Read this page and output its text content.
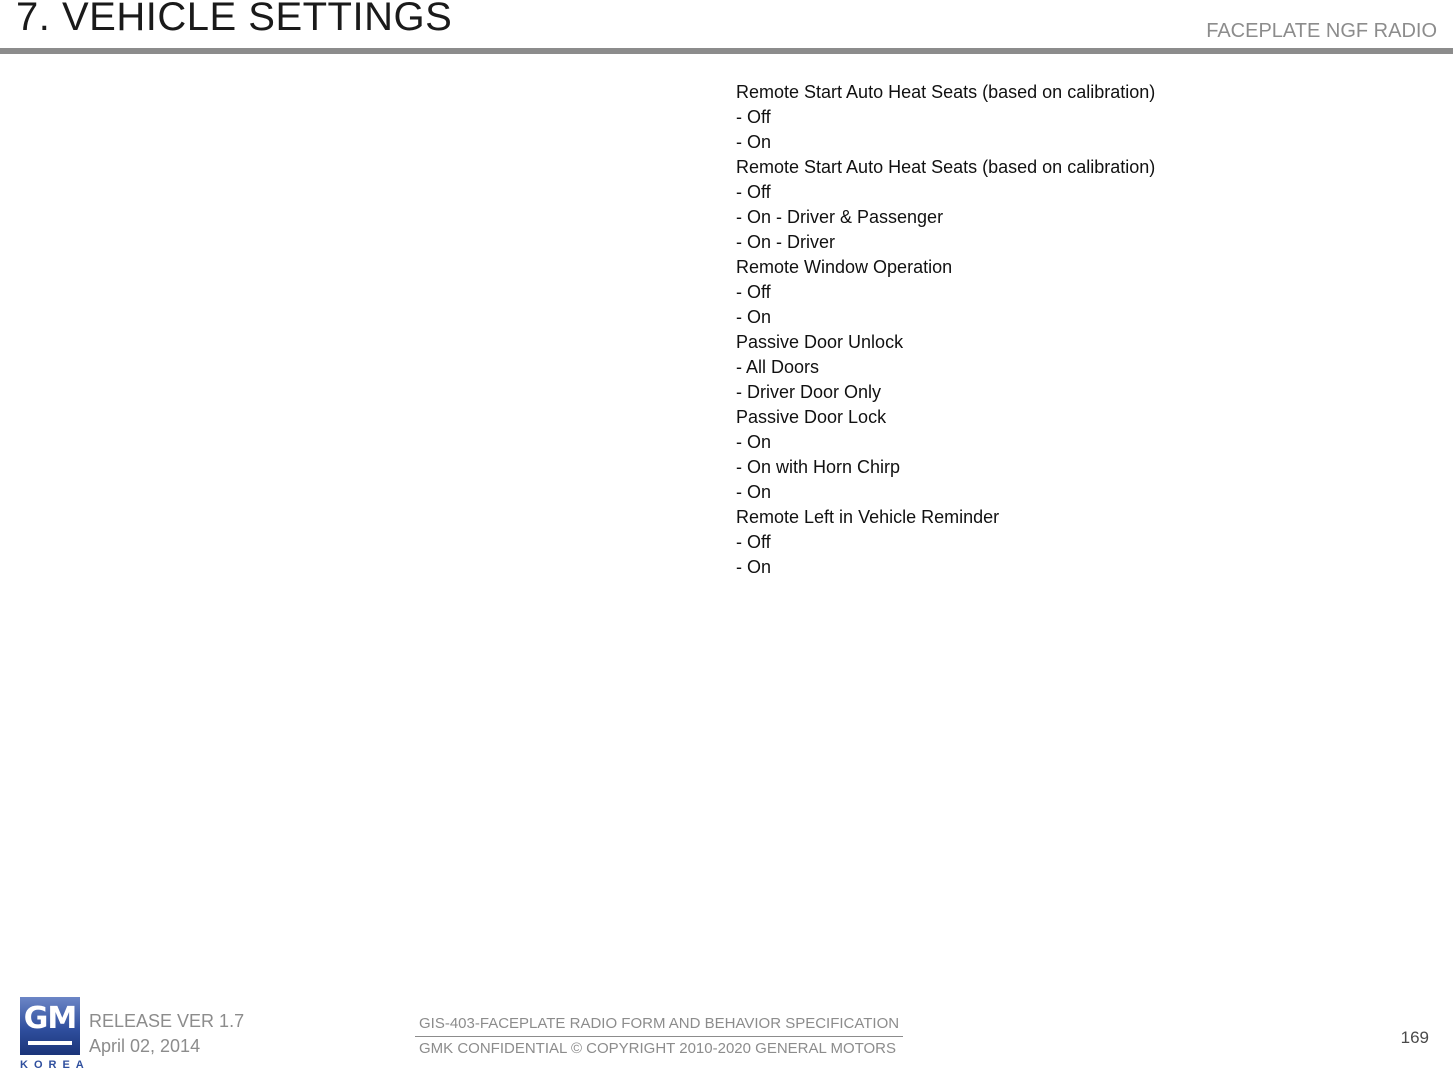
7. VEHICLE SETTINGS	FACEPLATE NGF RADIO
Remote Start Auto Heat Seats (based on calibration)
- Off
- On
Remote Start Auto Heat Seats (based on calibration)
- Off
- On - Driver & Passenger
- On - Driver
Remote Window Operation
- Off
- On
Passive Door Unlock
- All Doors
- Driver Door Only
Passive Door Lock
- On
- On with Horn Chirp
- On
Remote Left in Vehicle Reminder
- Off
- On
GM
KOREA
RELEASE VER 1.7
April 02, 2014
GIS-403-FACEPLATE RADIO FORM AND BEHAVIOR SPECIFICATION
GMK CONFIDENTIAL © COPYRIGHT 2010-2020 GENERAL MOTORS
169
